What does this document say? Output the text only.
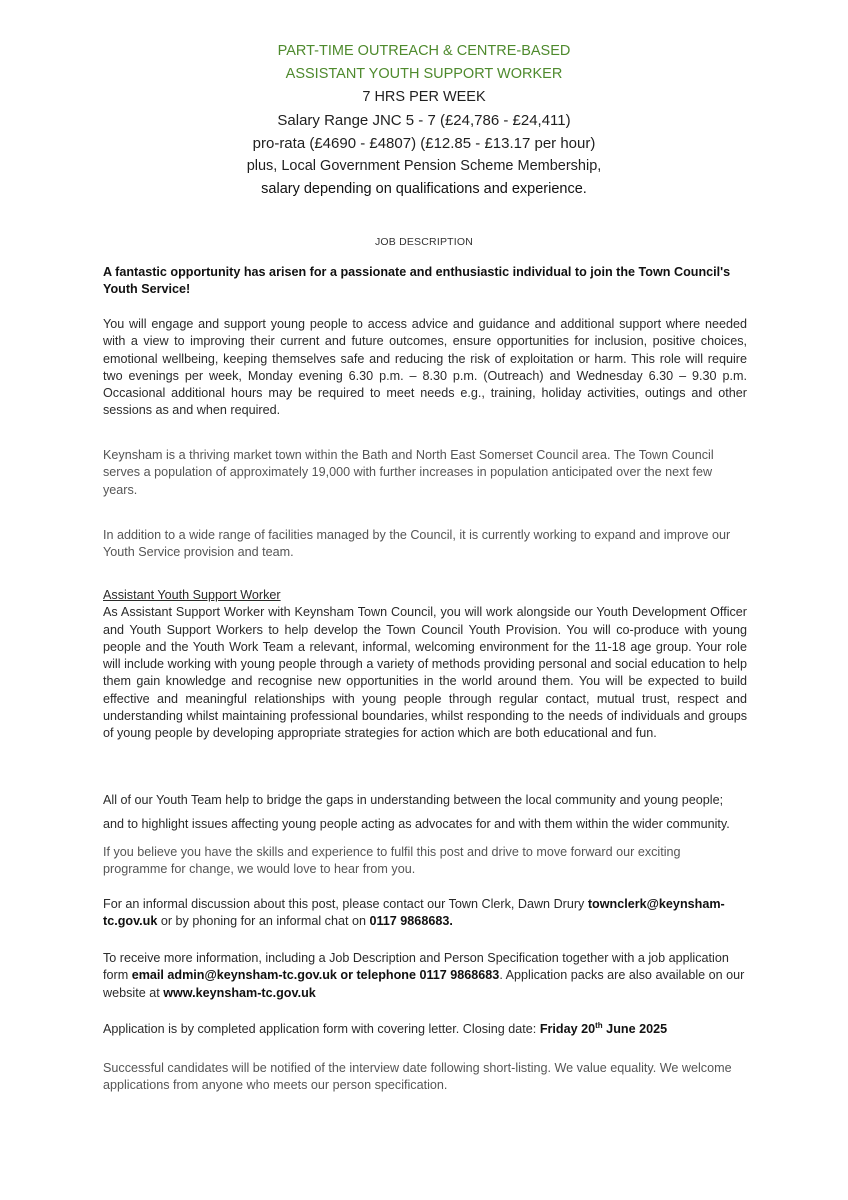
PART-TIME OUTREACH & CENTRE-BASED
ASSISTANT YOUTH SUPPORT WORKER
7 HRS PER WEEK
Salary Range JNC 5 - 7 (£24,786 - £24,411)
pro-rata (£4690 - £4807) (£12.85 - £13.17 per hour)
plus, Local Government Pension Scheme Membership,
salary depending on qualifications and experience.
JOB DESCRIPTION

A fantastic opportunity has arisen for a passionate and enthusiastic individual to join the Town Council's Youth Service!

You will engage and support young people to access advice and guidance and additional support where needed with a view to improving their current and future outcomes, ensure opportunities for inclusion, positive choices, emotional wellbeing, keeping themselves safe and reducing the risk of exploitation or harm. This role will require two evenings per week, Monday evening 6.30 p.m. – 8.30 p.m. (Outreach) and Wednesday 6.30 – 9.30 p.m. Occasional additional hours may be required to meet needs e.g., training, holiday activities, outings and other sessions as and when required.

Keynsham is a thriving market town within the Bath and North East Somerset Council area. The Town Council serves a population of approximately 19,000 with further increases in population anticipated over the next few years.

In addition to a wide range of facilities managed by the Council, it is currently working to expand and improve our Youth Service provision and team.

Assistant Youth Support Worker

As Assistant Support Worker with Keynsham Town Council, you will work alongside our Youth Development Officer and Youth Support Workers to help develop the Town Council Youth Provision. You will co-produce with young people and the Youth Work Team a relevant, informal, welcoming environment for the 11-18 age group. Your role will include working with young people through a variety of methods providing personal and social education to help them gain knowledge and recognise new opportunities in the world around them. You will be expected to build effective and meaningful relationships with young people through regular contact, mutual trust, respect and understanding whilst maintaining professional boundaries, whilst responding to the needs of individuals and groups of young people by developing appropriate strategies for action which are both educational and fun.

All of our Youth Team help to bridge the gaps in understanding between the local community and young people;

and to highlight issues affecting young people acting as advocates for and with them within the wider community.

If you believe you have the skills and experience to fulfil this post and drive to move forward our exciting programme for change, we would love to hear from you.

For an informal discussion about this post, please contact our Town Clerk, Dawn Drury townclerk@keynsham-tc.gov.uk or by phoning for an informal chat on 0117 9868683.

To receive more information, including a Job Description and Person Specification together with a job application form email admin@keynsham-tc.gov.uk or telephone 0117 9868683. Application packs are also available on our website at www.keynsham-tc.gov.uk

Application is by completed application form with covering letter. Closing date: Friday 20th June 2025

Successful candidates will be notified of the interview date following short-listing. We value equality. We welcome applications from anyone who meets our person specification.
